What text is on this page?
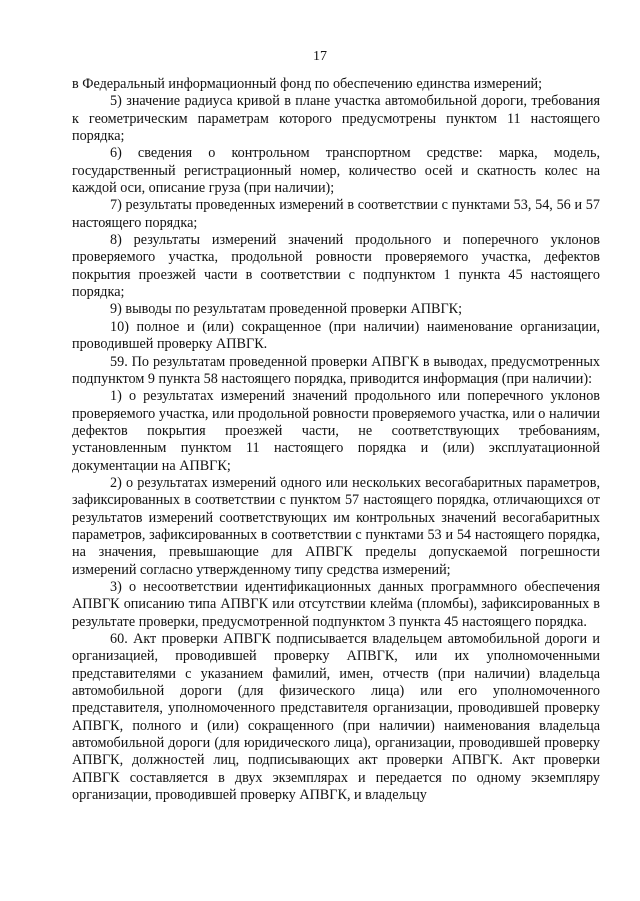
17

в Федеральный информационный фонд по обеспечению единства измерений;

5) значение радиуса кривой в плане участка автомобильной дороги, требования к геометрическим параметрам которого предусмотрены пунктом 11 настоящего порядка;

6) сведения о контрольном транспортном средстве: марка, модель, государственный регистрационный номер, количество осей и скатность колес на каждой оси, описание груза (при наличии);

7) результаты проведенных измерений в соответствии с пунктами 53, 54, 56 и 57 настоящего порядка;

8) результаты измерений значений продольного и поперечного уклонов проверяемого участка, продольной ровности проверяемого участка, дефектов покрытия проезжей части в соответствии с подпунктом 1 пункта 45 настоящего порядка;

9) выводы по результатам проведенной проверки АПВГК;

10) полное и (или) сокращенное (при наличии) наименование организации, проводившей проверку АПВГК.

59. По результатам проведенной проверки АПВГК в выводах, предусмотренных подпунктом 9 пункта 58 настоящего порядка, приводится информация (при наличии):

1) о результатах измерений значений продольного или поперечного уклонов проверяемого участка, или продольной ровности проверяемого участка, или о наличии дефектов покрытия проезжей части, не соответствующих требованиям, установленным пунктом 11 настоящего порядка и (или) эксплуатационной документации на АПВГК;

2) о результатах измерений одного или нескольких весогабаритных параметров, зафиксированных в соответствии с пунктом 57 настоящего порядка, отличающихся от результатов измерений соответствующих им контрольных значений весогабаритных параметров, зафиксированных в соответствии с пунктами 53 и 54 настоящего порядка, на значения, превышающие для АПВГК пределы допускаемой погрешности измерений согласно утвержденному типу средства измерений;

3) о несоответствии идентификационных данных программного обеспечения АПВГК описанию типа АПВГК или отсутствии клейма (пломбы), зафиксированных в результате проверки, предусмотренной подпунктом 3 пункта 45 настоящего порядка.

60. Акт проверки АПВГК подписывается владельцем автомобильной дороги и организацией, проводившей проверку АПВГК, или их уполномоченными представителями с указанием фамилий, имен, отчеств (при наличии) владельца автомобильной дороги (для физического лица) или его уполномоченного представителя, уполномоченного представителя организации, проводившей проверку АПВГК, полного и (или) сокращенного (при наличии) наименования владельца автомобильной дороги (для юридического лица), организации, проводившей проверку АПВГК, должностей лиц, подписывающих акт проверки АПВГК. Акт проверки АПВГК составляется в двух экземплярах и передается по одному экземпляру организации, проводившей проверку АПВГК, и владельцу
